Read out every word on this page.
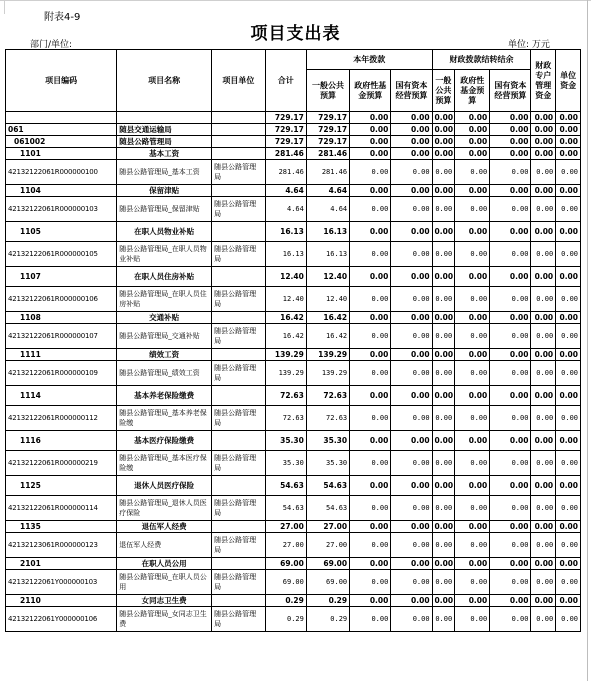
附表4-9
项目支出表
部门/单位:	单位: 万元
项目编码	项目名称	项目单位	合计	本年拨款			财政拨款结转结余			财政专户管理资金	单位资金
				一般公共预算	政府性基金预算	国有资本经营预算	一般公共预算	政府性基金预算	国有资本经营预算		
			729.17	729.17	0.00	0.00	0.00	0.00	0.00	0.00	0.00
061	随县交通运输局		729.17	729.17	0.00	0.00	0.00	0.00	0.00	0.00	0.00
061002	随县公路管理局		729.17	729.17	0.00	0.00	0.00	0.00	0.00	0.00	0.00
1101	基本工资		281.46	281.46	0.00	0.00	0.00	0.00	0.00	0.00	0.00
42132122061R000000100	随县公路管理局_基本工资	随县公路管理局	281.46	281.46	0.00	0.00	0.00	0.00	0.00	0.00	0.00
1104	保留津贴		4.64	4.64	0.00	0.00	0.00	0.00	0.00	0.00	0.00
42132122061R000000103	随县公路管理局_保留津贴	随县公路管理局	4.64	4.64	0.00	0.00	0.00	0.00	0.00	0.00	0.00
1105	在职人员物业补贴		16.13	16.13	0.00	0.00	0.00	0.00	0.00	0.00	0.00
42132122061R000000105	随县公路管理局_在职人员物业补贴	随县公路管理局	16.13	16.13	0.00	0.00	0.00	0.00	0.00	0.00	0.00
1107	在职人员住房补贴		12.40	12.40	0.00	0.00	0.00	0.00	0.00	0.00	0.00
42132122061R000000106	随县公路管理局_在职人员住房补贴	随县公路管理局	12.40	12.40	0.00	0.00	0.00	0.00	0.00	0.00	0.00
1108	交通补贴		16.42	16.42	0.00	0.00	0.00	0.00	0.00	0.00	0.00
42132122061R000000107	随县公路管理局_交通补贴	随县公路管理局	16.42	16.42	0.00	0.00	0.00	0.00	0.00	0.00	0.00
1111	绩效工资		139.29	139.29	0.00	0.00	0.00	0.00	0.00	0.00	0.00
42132122061R000000109	随县公路管理局_绩效工资	随县公路管理局	139.29	139.29	0.00	0.00	0.00	0.00	0.00	0.00	0.00
1114	基本养老保险缴费		72.63	72.63	0.00	0.00	0.00	0.00	0.00	0.00	0.00
42132122061R000000112	随县公路管理局_基本养老保险缴	随县公路管理局	72.63	72.63	0.00	0.00	0.00	0.00	0.00	0.00	0.00
1116	基本医疗保险缴费		35.30	35.30	0.00	0.00	0.00	0.00	0.00	0.00	0.00
42132122061R000000219	随县公路管理局_基本医疗保险缴	随县公路管理局	35.30	35.30	0.00	0.00	0.00	0.00	0.00	0.00	0.00
1125	退休人员医疗保险		54.63	54.63	0.00	0.00	0.00	0.00	0.00	0.00	0.00
42132122061R000000114	随县公路管理局_退休人员医疗保险	随县公路管理局	54.63	54.63	0.00	0.00	0.00	0.00	0.00	0.00	0.00
1135	退伍军人经费		27.00	27.00	0.00	0.00	0.00	0.00	0.00	0.00	0.00
42132123061R000000123	退伍军人经费	随县公路管理局	27.00	27.00	0.00	0.00	0.00	0.00	0.00	0.00	0.00
2101	在职人员公用		69.00	69.00	0.00	0.00	0.00	0.00	0.00	0.00	0.00
42132122061Y000000103	随县公路管理局_在职人员公用	随县公路管理局	69.00	69.00	0.00	0.00	0.00	0.00	0.00	0.00	0.00
2110	女同志卫生费		0.29	0.29	0.00	0.00	0.00	0.00	0.00	0.00	0.00
42132122061Y000000106	随县公路管理局_女同志卫生费	随县公路管理局	0.29	0.29	0.00	0.00	0.00	0.00	0.00	0.00	0.00
